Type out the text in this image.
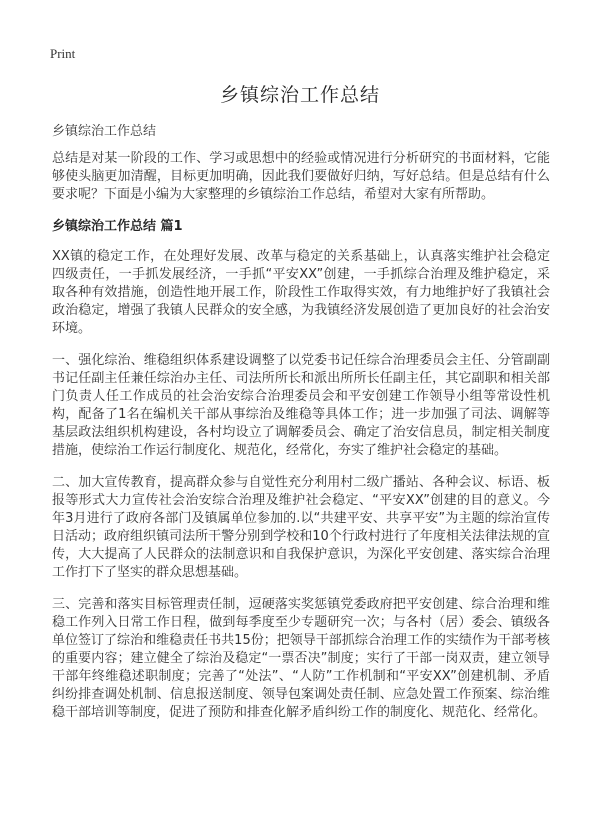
Print
乡镇综治工作总结

乡镇综治工作总结

总结是对某一阶段的工作、学习或思想中的经验或情况进行分析研究的书面材料，它能够使头脑更加清醒，目标更加明确，因此我们要做好归纳，写好总结。但是总结有什么要求呢？下面是小编为大家整理的乡镇综治工作总结，希望对大家有所帮助。

乡镇综治工作总结 篇1

XX镇的稳定工作，在处理好发展、改革与稳定的关系基础上，认真落实维护社会稳定四级责任，一手抓发展经济，一手抓“平安XX”创建，一手抓综合治理及维护稳定，采取各种有效措施，创造性地开展工作，阶段性工作取得实效，有力地维护好了我镇社会政治稳定，增强了我镇人民群众的安全感，为我镇经济发展创造了更加良好的社会治安环境。

一、强化综治、维稳组织体系建设调整了以党委书记任综合治理委员会主任、分管副副书记任副主任兼任综治办主任、司法所所长和派出所所长任副主任，其它副职和相关部门负责人任工作成员的社会治安综合治理委员会和平安创建工作领导小组等常设性机构，配备了1名在编机关干部从事综治及维稳等具体工作；进一步加强了司法、调解等基层政法组织机构建设，各村均设立了调解委员会、确定了治安信息员，制定相关制度措施，使综治工作运行制度化、规范化，经常化，夯实了维护社会稳定的基础。

二、加大宣传教育，提高群众参与自觉性充分利用村二级广播站、各种会议、标语、板报等形式大力宣传社会治安综合治理及维护社会稳定、“平安XX”创建的目的意义。今年3月进行了政府各部门及镇属单位参加的.以“共建平安、共享平安”为主题的综治宣传日活动；政府组织镇司法所干警分别到学校和10个行政村进行了年度相关法律法规的宣传，大大提高了人民群众的法制意识和自我保护意识，为深化平安创建、落实综合治理工作打下了坚实的群众思想基础。

三、完善和落实目标管理责任制，逗硬落实奖惩镇党委政府把平安创建、综合治理和维稳工作列入日常工作日程，做到每季度至少专题研究一次；与各村（居）委会、镇级各单位签订了综治和维稳责任书共15份；把领导干部抓综合治理工作的实绩作为干部考核的重要内容；建立健全了综治及稳定“一票否决”制度；实行了干部一岗双责，建立领导干部年终维稳述职制度；完善了“处法”、“人防”工作机制和“平安XX”创建机制、矛盾纠纷排查调处机制、信息报送制度、领导包案调处责任制、应急处置工作预案、综治维稳干部培训等制度，促进了预防和排查化解矛盾纠纷工作的制度化、规范化、经常化。
